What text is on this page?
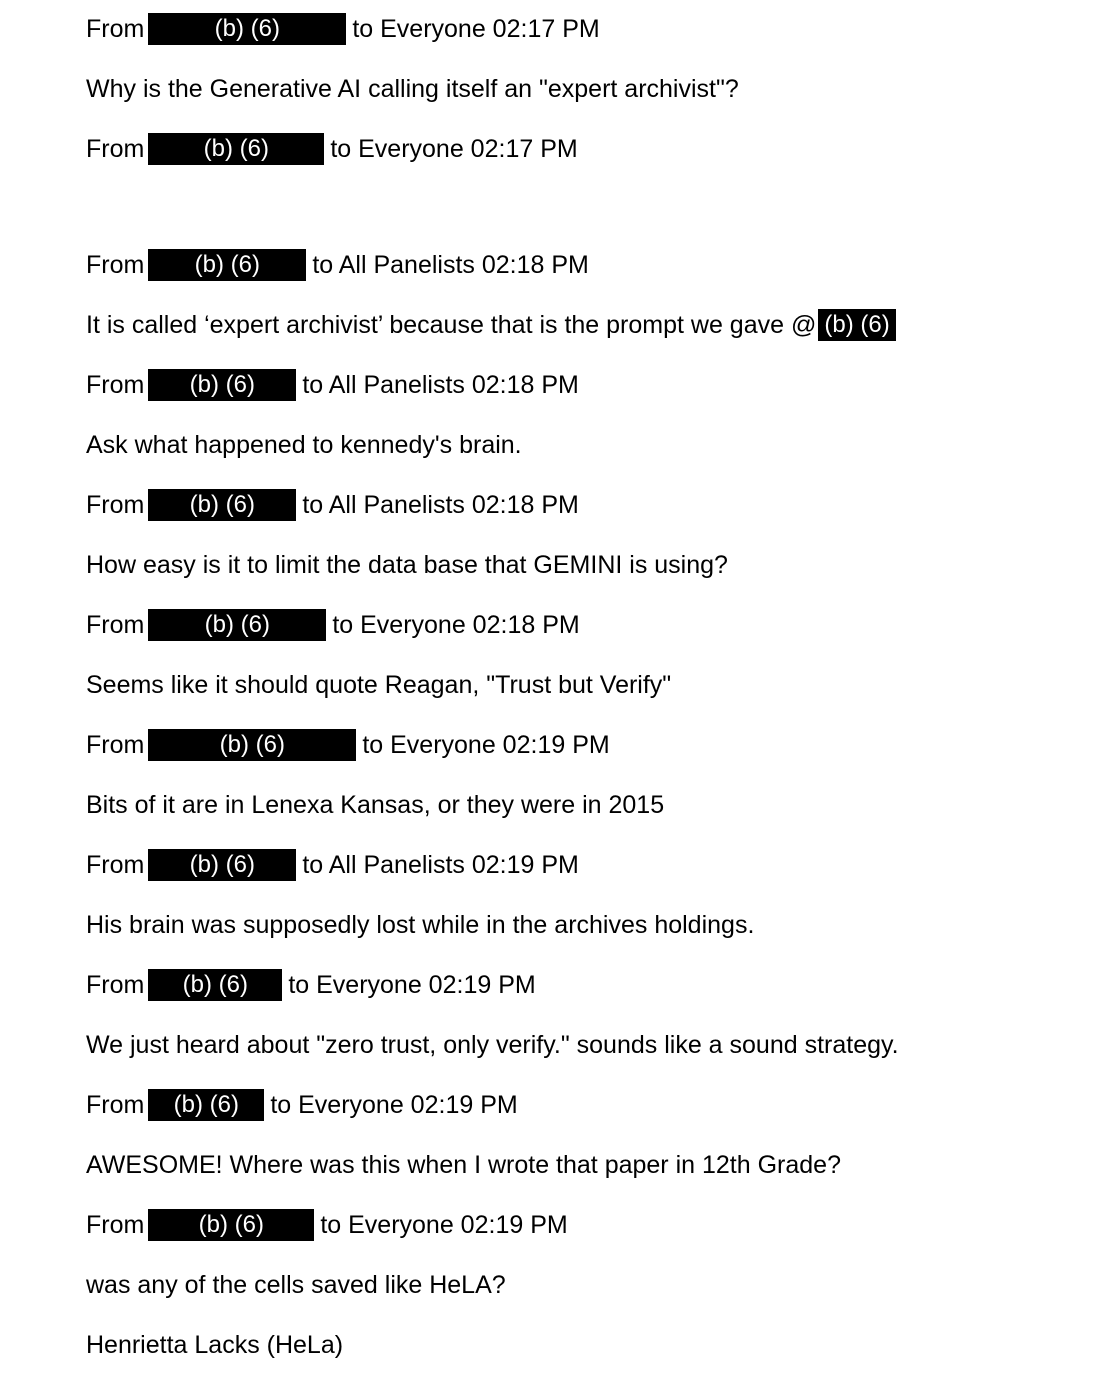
From	(b) (6)	to Everyone 02:17 PM
Why is the Generative AI calling itself an "expert archivist"?
From	(b) (6)	to Everyone 02:17 PM
From	(b) (6)	to All Panelists 02:18 PM
It is called ‘expert archivist’ because that is the prompt we gave @ (b) (6)
From	(b) (6)	to All Panelists 02:18 PM
Ask what happened to kennedy's brain.
From	(b) (6)	to All Panelists 02:18 PM
How easy is it to limit the data base that GEMINI is using?
From	(b) (6)	to Everyone 02:18 PM
Seems like it should quote Reagan, "Trust but Verify"
From	(b) (6)	to Everyone 02:19 PM
Bits of it are in Lenexa Kansas, or they were in 2015
From	(b) (6)	to All Panelists 02:19 PM
His brain was supposedly lost while in the archives holdings.
From	(b) (6)	to Everyone 02:19 PM
We just heard about "zero trust, only verify." sounds like a sound strategy.
From	(b) (6)	to Everyone 02:19 PM
AWESOME! Where was this when I wrote that paper in 12th Grade?
From	(b) (6)	to Everyone 02:19 PM
was any of the cells saved like HeLA?
Henrietta Lacks (HeLa)
